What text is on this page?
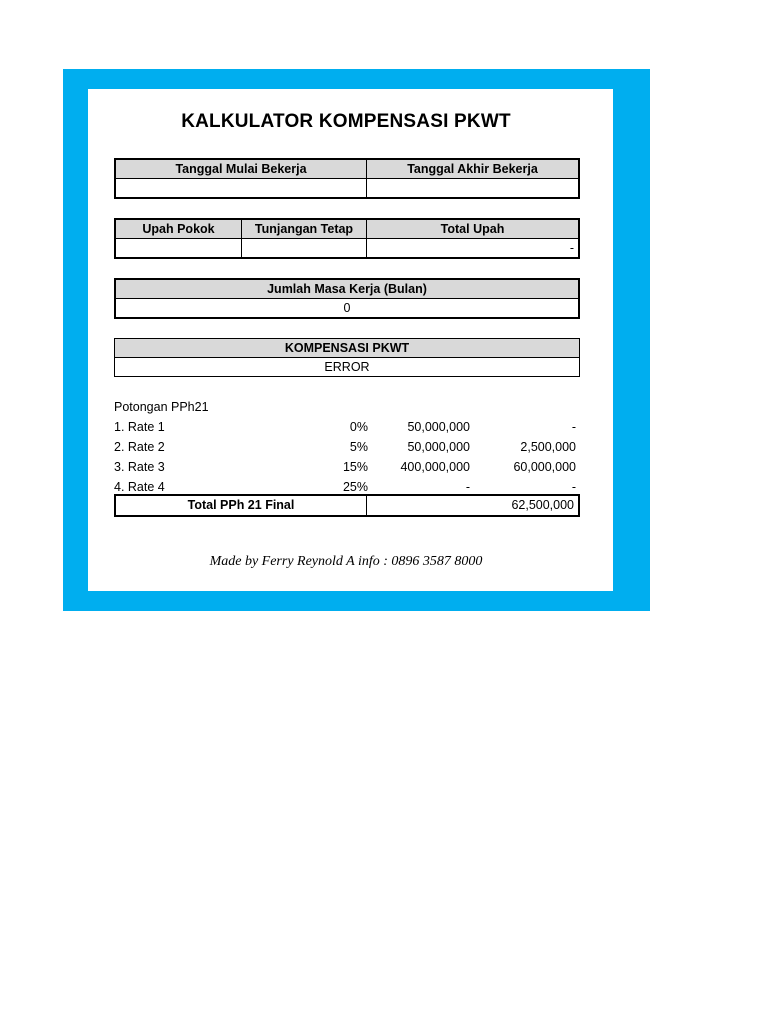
KALKULATOR KOMPENSASI PKWT
Tanggal Mulai Bekerja	Tanggal Akhir Bekerja

Upah Pokok	Tunjangan Tetap	Total Upah
		-
Jumlah Masa Kerja (Bulan)
0
KOMPENSASI PKWT
ERROR
Potongan PPh21
1. Rate 1	0%	50,000,000	-
2. Rate 2	5%	50,000,000	2,500,000
3. Rate 3	15%	400,000,000	60,000,000
4. Rate 4	25%	-	-
Total PPh 21 Final	62,500,000
Made by Ferry Reynold A info : 0896 3587 8000
